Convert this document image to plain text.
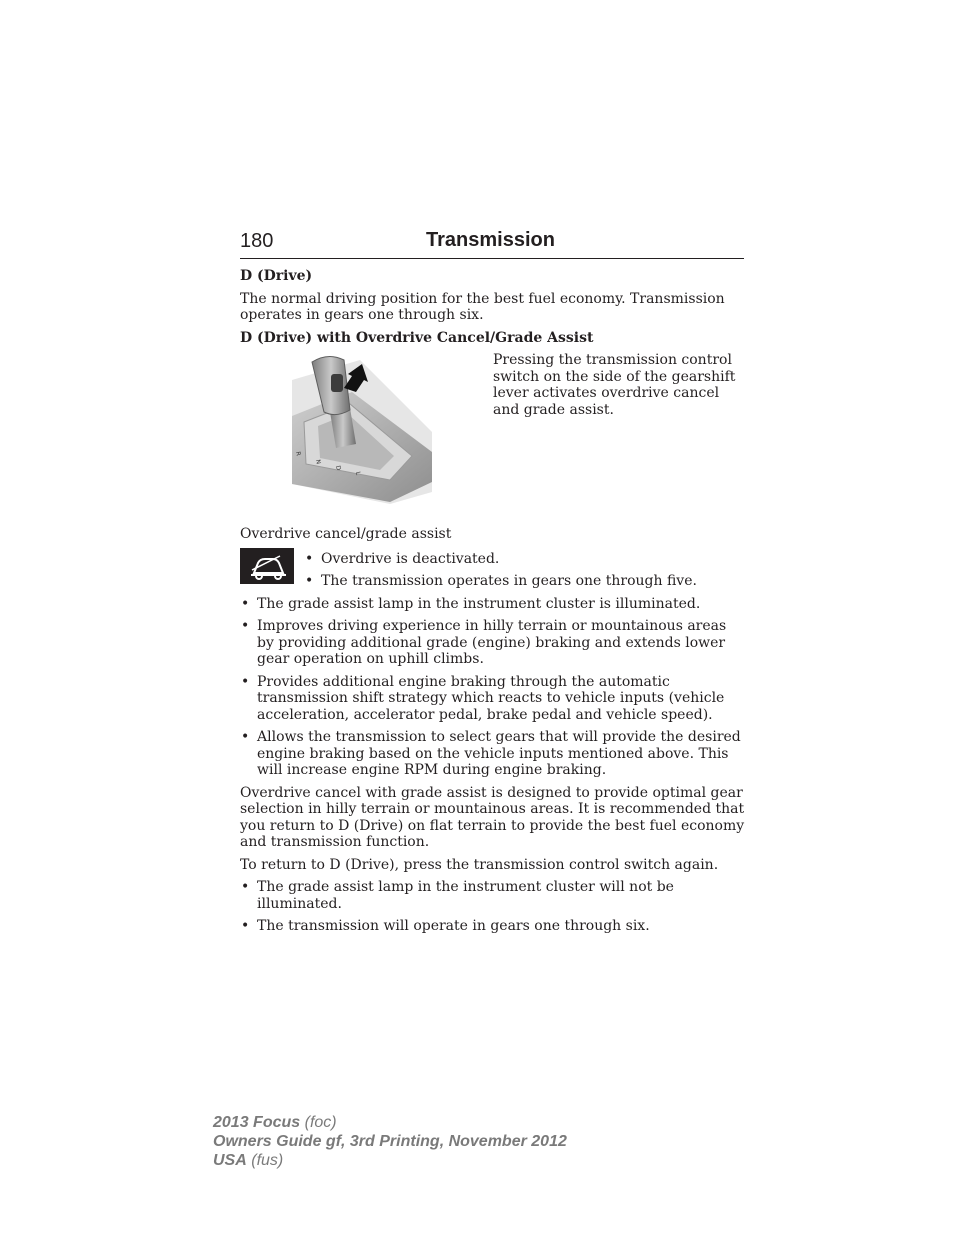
180	Transmission
D (Drive)

The normal driving position for the best fuel economy. Transmission operates in gears one through six.

D (Drive) with Overdrive Cancel/Grade Assist
R
N
D
L
Pressing the transmission control switch on the side of the gearshift lever activates overdrive cancel and grade assist.
Overdrive cancel/grade assist
• Overdrive is deactivated.
• The transmission operates in gears one through five.
• The grade assist lamp in the instrument cluster is illuminated.
• Improves driving experience in hilly terrain or mountainous areas by providing additional grade (engine) braking and extends lower gear operation on uphill climbs.
• Provides additional engine braking through the automatic transmission shift strategy which reacts to vehicle inputs (vehicle acceleration, accelerator pedal, brake pedal and vehicle speed).
• Allows the transmission to select gears that will provide the desired engine braking based on the vehicle inputs mentioned above. This will increase engine RPM during engine braking.

Overdrive cancel with grade assist is designed to provide optimal gear selection in hilly terrain or mountainous areas. It is recommended that you return to D (Drive) on flat terrain to provide the best fuel economy and transmission function.

To return to D (Drive), press the transmission control switch again.

• The grade assist lamp in the instrument cluster will not be illuminated.
• The transmission will operate in gears one through six.
2013 Focus (foc)
Owners Guide gf, 3rd Printing, November 2012
USA (fus)
